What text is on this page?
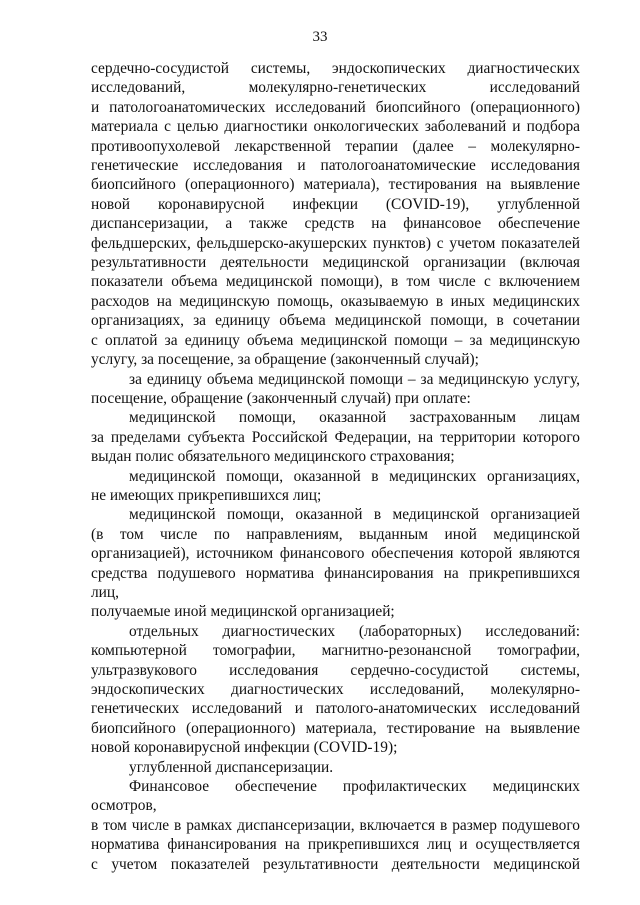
33

сердечно-сосудистой системы, эндоскопических диагностических

исследований, молекулярно-генетических исследований

и патологоанатомических исследований биопсийного (операционного)

материала с целью диагностики онкологических заболеваний и подбора

противоопухолевой лекарственной терапии (далее – молекулярно-

генетические исследования и патологоанатомические исследования

биопсийного (операционного) материала), тестирования на выявление

новой коронавирусной инфекции (COVID-19), углубленной

диспансеризации, а также средств на финансовое обеспечение

фельдшерских, фельдшерско-акушерских пунктов) с учетом показателей

результативности деятельности медицинской организации (включая

показатели объема медицинской помощи), в том числе с включением

расходов на медицинскую помощь, оказываемую в иных медицинских

организациях, за единицу объема медицинской помощи, в сочетании

с оплатой за единицу объема медицинской помощи – за медицинскую

услугу, за посещение, за обращение (законченный случай);

за единицу объема медицинской помощи – за медицинскую услугу,

посещение, обращение (законченный случай) при оплате:

медицинской помощи, оказанной застрахованным лицам

за пределами субъекта Российской Федерации, на территории которого

выдан полис обязательного медицинского страхования;

медицинской помощи, оказанной в медицинских организациях,

не имеющих прикрепившихся лиц;

медицинской помощи, оказанной в медицинской организацией

(в том числе по направлениям, выданным иной медицинской

организацией), источником финансового обеспечения которой являются

средства подушевого норматива финансирования на прикрепившихся лиц,

получаемые иной медицинской организацией;

отдельных диагностических (лабораторных) исследований:

компьютерной томографии, магнитно-резонансной томографии,

ультразвукового исследования сердечно-сосудистой системы,

эндоскопических диагностических исследований, молекулярно-

генетических исследований и патолого-анатомических исследований

биопсийного (операционного) материала, тестирование на выявление

новой коронавирусной инфекции (COVID-19);

углубленной диспансеризации.

Финансовое обеспечение профилактических медицинских осмотров,

в том числе в рамках диспансеризации, включается в размер подушевого

норматива финансирования на прикрепившихся лиц и осуществляется

с учетом показателей результативности деятельности медицинской
